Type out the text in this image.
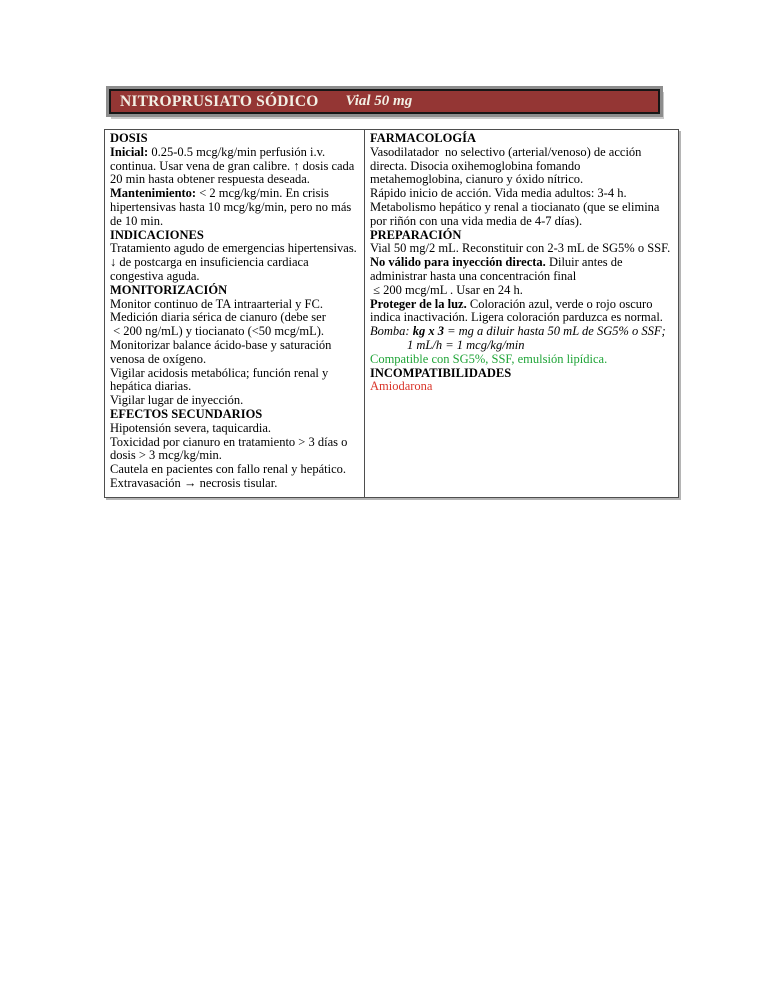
NITROPRUSIATO SÓDICO Vial 50 mg
DOSIS
Inicial: 0.25-0.5 mcg/kg/min perfusión i.v. continua. Usar vena de gran calibre. ↑ dosis cada 20 min hasta obtener respuesta deseada.
Mantenimiento: < 2 mcg/kg/min. En crisis hipertensivas hasta 10 mcg/kg/min, pero no más de 10 min.
INDICACIONES
Tratamiento agudo de emergencias hipertensivas.
↓ de postcarga en insuficiencia cardiaca congestiva aguda.
MONITORIZACIÓN
Monitor continuo de TA intraarterial y FC.
Medición diaria sérica de cianuro (debe ser
< 200 ng/mL) y tiocianato (<50 mcg/mL).
Monitorizar balance ácido-base y saturación venosa de oxígeno.
Vigilar acidosis metabólica; función renal y hepática diarias.
Vigilar lugar de inyección.
EFECTOS SECUNDARIOS
Hipotensión severa, taquicardia.
Toxicidad por cianuro en tratamiento > 3 días o dosis > 3 mcg/kg/min.
Cautela en pacientes con fallo renal y hepático.
Extravasación → necrosis tisular.
FARMACOLOGÍA
Vasodilatador  no selectivo (arterial/venoso) de acción directa. Disocia oxihemoglobina fomando metahemoglobina, cianuro y óxido nítrico.
Rápido inicio de acción. Vida media adultos: 3-4 h.
Metabolismo hepático y renal a tiocianato (que se elimina por riñón con una vida media de 4-7 días).
PREPARACIÓN
Vial 50 mg/2 mL. Reconstituir con 2-3 mL de SG5% o SSF.
No válido para inyección directa. Diluir antes de administrar hasta una concentración final
≤ 200 mcg/mL . Usar en 24 h.
Proteger de la luz. Coloración azul, verde o rojo oscuro indica inactivación. Ligera coloración parduzca es normal.
Bomba: kg x 3 = mg a diluir hasta 50 mL de SG5% o SSF;
1 mL/h = 1 mcg/kg/min
Compatible con SG5%, SSF, emulsión lipídica.
INCOMPATIBILIDADES
Amiodarona
